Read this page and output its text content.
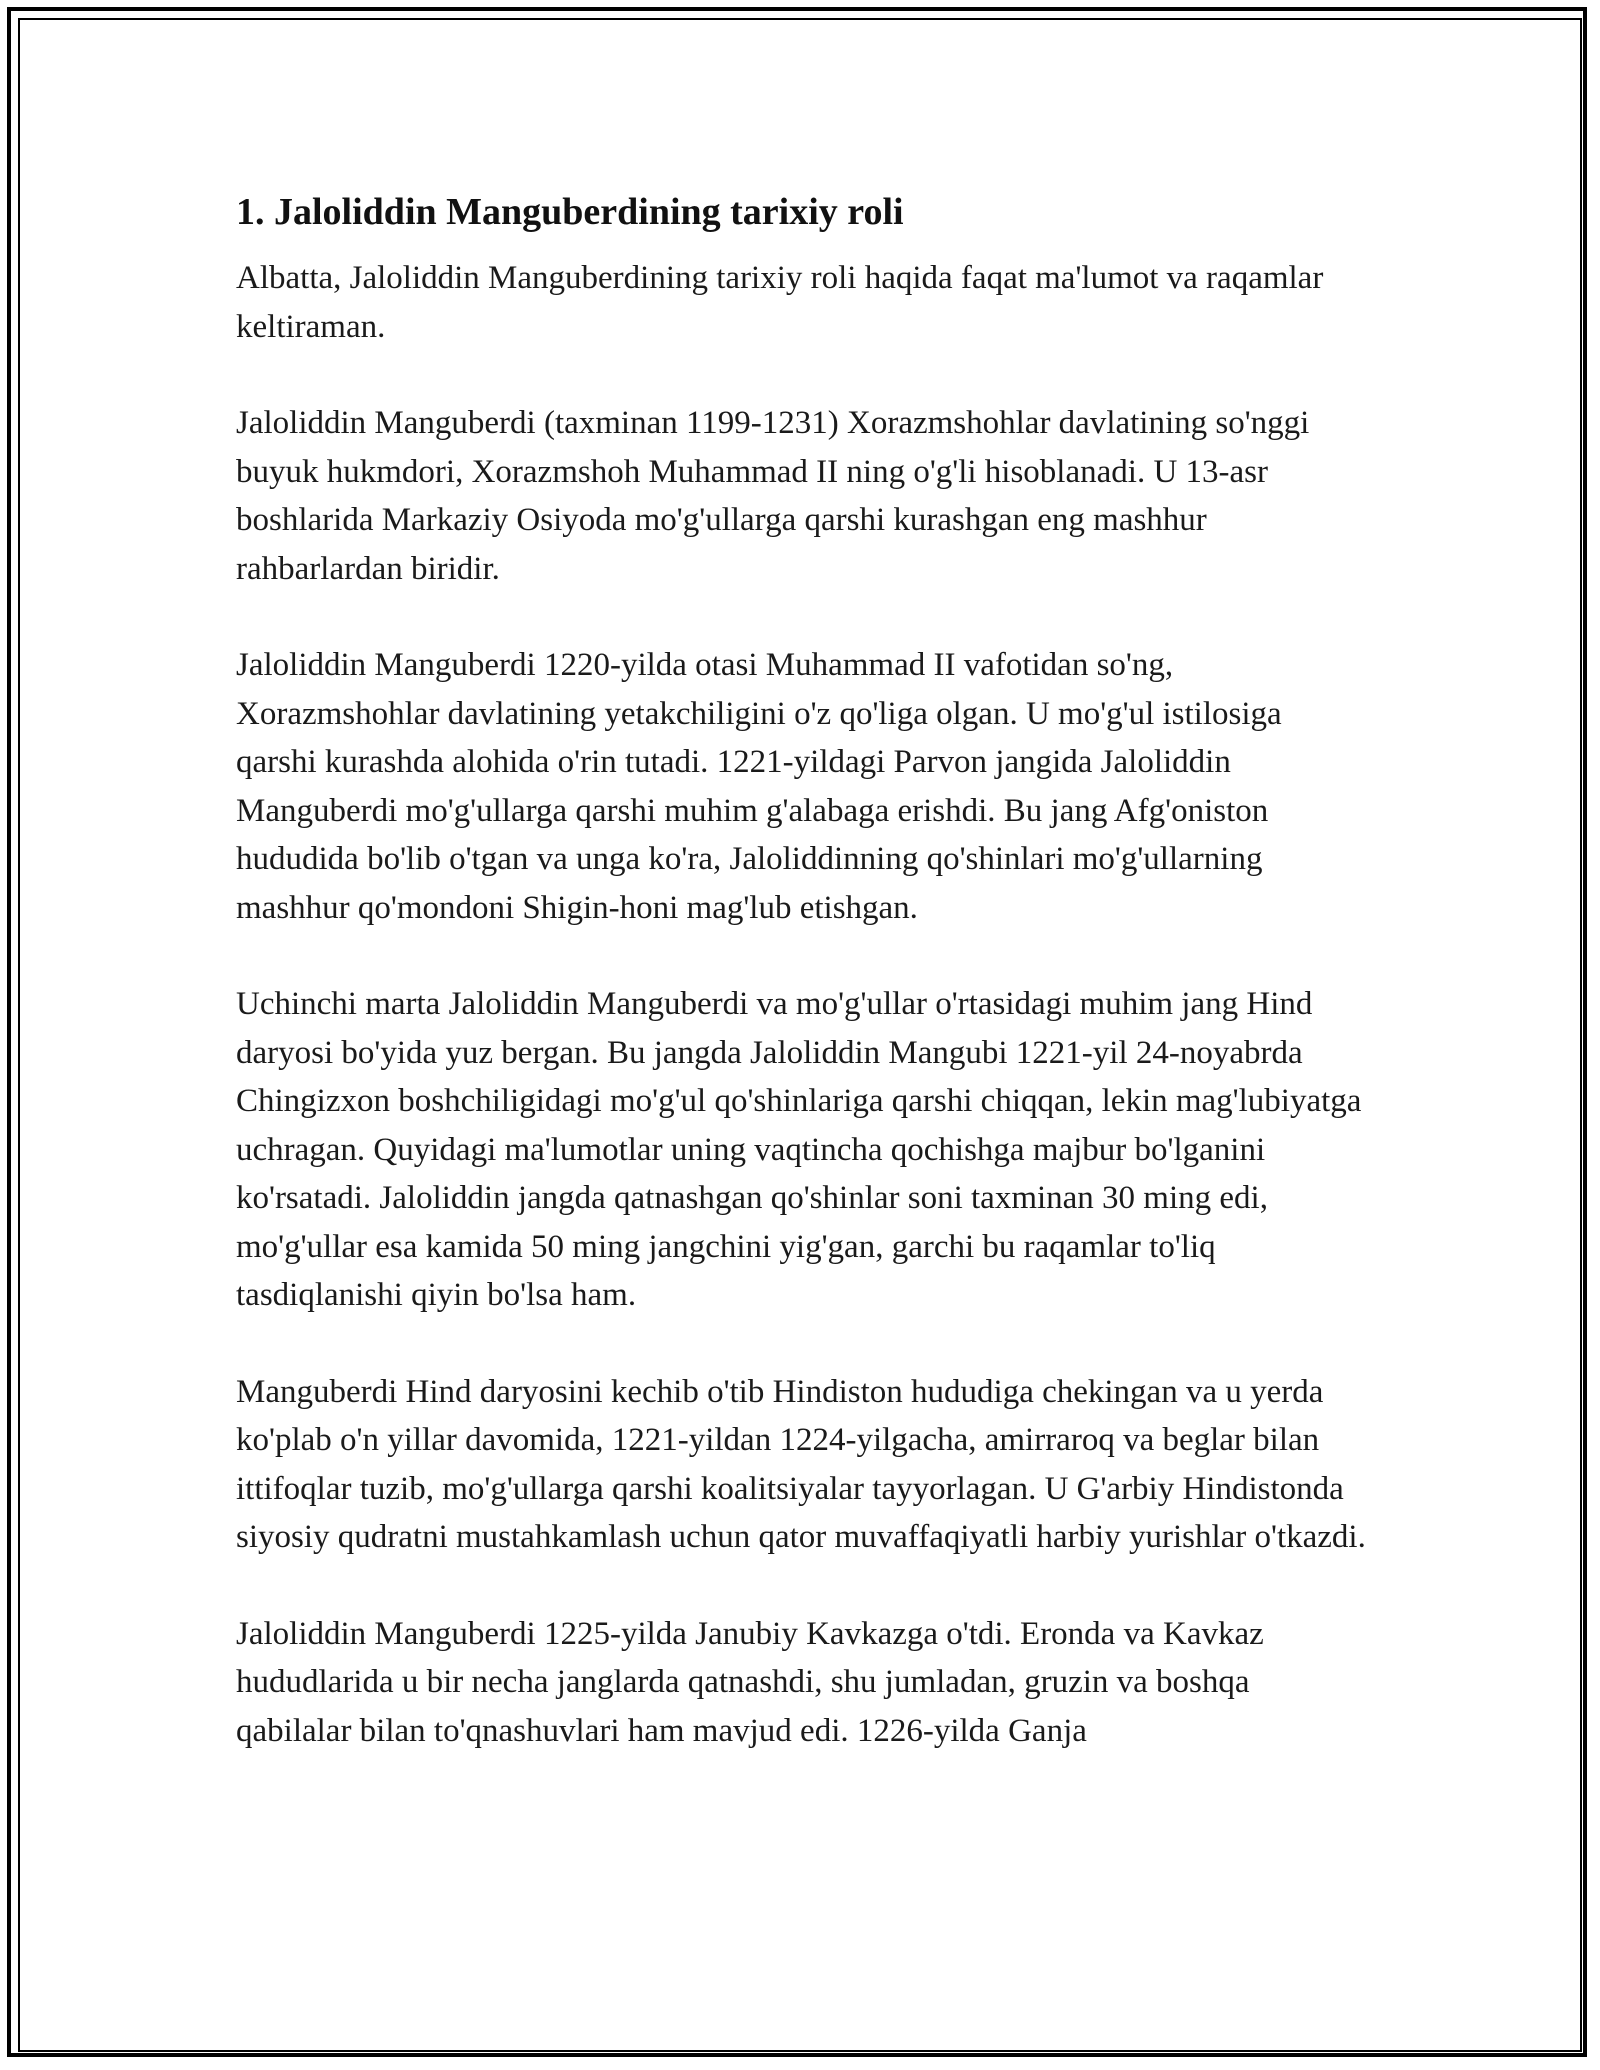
1. Jaloliddin Manguberdining tarixiy roli

Albatta, Jaloliddin Manguberdining tarixiy roli haqida faqat ma'lumot va raqamlar keltiraman.

Jaloliddin Manguberdi (taxminan 1199-1231) Xorazmshohlar davlatining so'nggi buyuk hukmdori, Xorazmshoh Muhammad II ning o'g'li hisoblanadi. U 13-asr boshlarida Markaziy Osiyoda mo'g'ullarga qarshi kurashgan eng mashhur rahbarlardan biridir.

Jaloliddin Manguberdi 1220-yilda otasi Muhammad II vafotidan so'ng, Xorazmshohlar davlatining yetakchiligini o'z qo'liga olgan. U mo'g'ul istilosiga qarshi kurashda alohida o'rin tutadi. 1221-yildagi Parvon jangida Jaloliddin Manguberdi mo'g'ullarga qarshi muhim g'alabaga erishdi. Bu jang Afg'oniston hududida bo'lib o'tgan va unga ko'ra, Jaloliddinning qo'shinlari mo'g'ullarning mashhur qo'mondoni Shigin-honi mag'lub etishgan.

Uchinchi marta Jaloliddin Manguberdi va mo'g'ullar o'rtasidagi muhim jang Hind daryosi bo'yida yuz bergan. Bu jangda Jaloliddin Mangubi 1221-yil 24-noyabrda Chingizxon boshchiligidagi mo'g'ul qo'shinlariga qarshi chiqqan, lekin mag'lubiyatga uchragan. Quyidagi ma'lumotlar uning vaqtincha qochishga majbur bo'lganini ko'rsatadi. Jaloliddin jangda qatnashgan qo'shinlar soni taxminan 30 ming edi, mo'g'ullar esa kamida 50 ming jangchini yig'gan, garchi bu raqamlar to'liq tasdiqlanishi qiyin bo'lsa ham.

Manguberdi Hind daryosini kechib o'tib Hindiston hududiga chekingan va u yerda ko'plab o'n yillar davomida, 1221-yildan 1224-yilgacha, amirraroq va beglar bilan ittifoqlar tuzib, mo'g'ullarga qarshi koalitsiyalar tayyorlagan. U G'arbiy Hindistonda siyosiy qudratni mustahkamlash uchun qator muvaffaqiyatli harbiy yurishlar o'tkazdi.

Jaloliddin Manguberdi 1225-yilda Janubiy Kavkazga o'tdi. Eronda va Kavkaz hududlarida u bir necha janglarda qatnashdi, shu jumladan, gruzin va boshqa qabilalar bilan to'qnashuvlari ham mavjud edi. 1226-yilda Ganja
